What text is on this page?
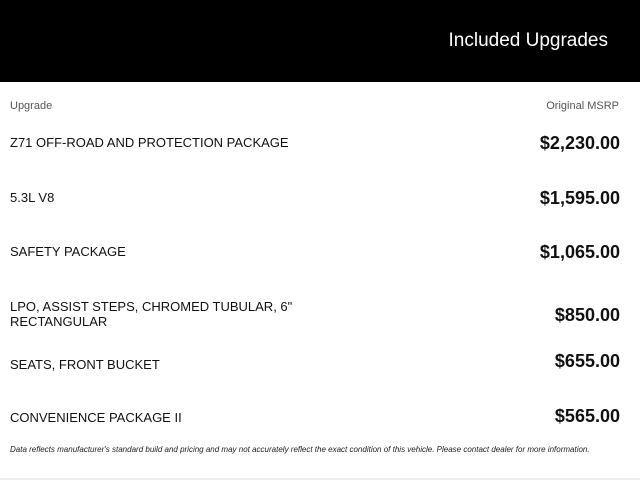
Included Upgrades
Upgrade	Original MSRP
Z71 OFF-ROAD AND PROTECTION PACKAGE	$2,230.00
5.3L V8	$1,595.00
SAFETY PACKAGE	$1,065.00
LPO, ASSIST STEPS, CHROMED TUBULAR, 6" RECTANGULAR	$850.00
SEATS, FRONT BUCKET	$655.00
CONVENIENCE PACKAGE II	$565.00
Data reflects manufacturer's standard build and pricing and may not accurately reflect the exact condition of this vehicle. Please contact dealer for more information.
